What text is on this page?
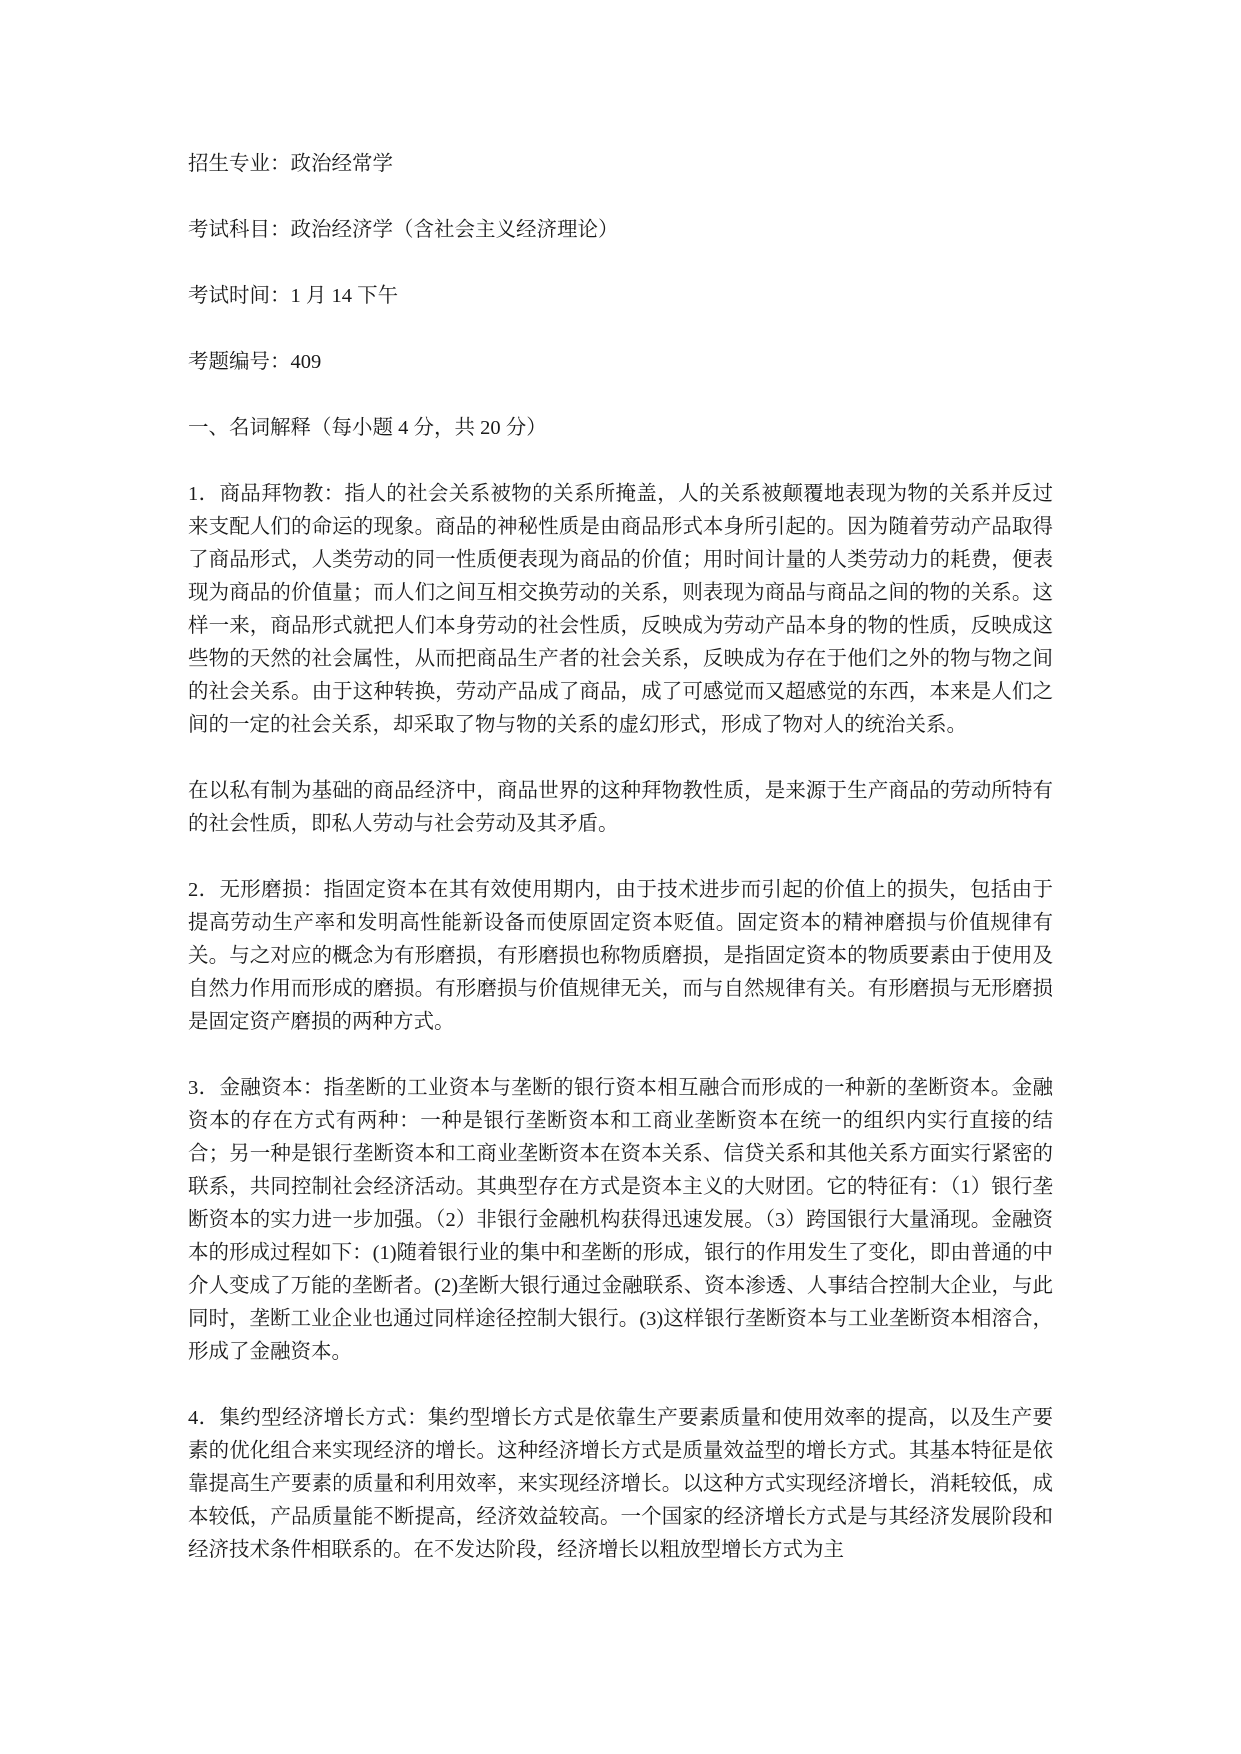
招生专业：政治经常学

考试科目：政治经济学（含社会主义经济理论）

考试时间：1 月 14 下午

考题编号：409

一、名词解释（每小题 4 分，共 20 分）

1．商品拜物教：指人的社会关系被物的关系所掩盖，人的关系被颠覆地表现为物的关系并反过来支配人们的命运的现象。商品的神秘性质是由商品形式本身所引起的。因为随着劳动产品取得了商品形式，人类劳动的同一性质便表现为商品的价值；用时间计量的人类劳动力的耗费，便表现为商品的价值量；而人们之间互相交换劳动的关系，则表现为商品与商品之间的物的关系。这样一来，商品形式就把人们本身劳动的社会性质，反映成为劳动产品本身的物的性质，反映成这些物的天然的社会属性，从而把商品生产者的社会关系，反映成为存在于他们之外的物与物之间的社会关系。由于这种转换，劳动产品成了商品，成了可感觉而又超感觉的东西，本来是人们之间的一定的社会关系，却采取了物与物的关系的虚幻形式，形成了物对人的统治关系。

在以私有制为基础的商品经济中，商品世界的这种拜物教性质，是来源于生产商品的劳动所特有的社会性质，即私人劳动与社会劳动及其矛盾。

2．无形磨损：指固定资本在其有效使用期内，由于技术进步而引起的价值上的损失，包括由于提高劳动生产率和发明高性能新设备而使原固定资本贬值。固定资本的精神磨损与价值规律有关。与之对应的概念为有形磨损，有形磨损也称物质磨损，是指固定资本的物质要素由于使用及自然力作用而形成的磨损。有形磨损与价值规律无关，而与自然规律有关。有形磨损与无形磨损是固定资产磨损的两种方式。

3．金融资本：指垄断的工业资本与垄断的银行资本相互融合而形成的一种新的垄断资本。金融资本的存在方式有两种：一种是银行垄断资本和工商业垄断资本在统一的组织内实行直接的结合；另一种是银行垄断资本和工商业垄断资本在资本关系、信贷关系和其他关系方面实行紧密的联系，共同控制社会经济活动。其典型存在方式是资本主义的大财团。它的特征有：（1）银行垄断资本的实力进一步加强。（2）非银行金融机构获得迅速发展。（3）跨国银行大量涌现。金融资本的形成过程如下：(1)随着银行业的集中和垄断的形成，银行的作用发生了变化，即由普通的中介人变成了万能的垄断者。(2)垄断大银行通过金融联系、资本渗透、人事结合控制大企业，与此同时，垄断工业企业也通过同样途径控制大银行。(3)这样银行垄断资本与工业垄断资本相溶合，形成了金融资本。

4．集约型经济增长方式：集约型增长方式是依靠生产要素质量和使用效率的提高，以及生产要素的优化组合来实现经济的增长。这种经济增长方式是质量效益型的增长方式。其基本特征是依靠提高生产要素的质量和利用效率，来实现经济增长。以这种方式实现经济增长，消耗较低，成本较低，产品质量能不断提高，经济效益较高。一个国家的经济增长方式是与其经济发展阶段和经济技术条件相联系的。在不发达阶段，经济增长以粗放型增长方式为主
